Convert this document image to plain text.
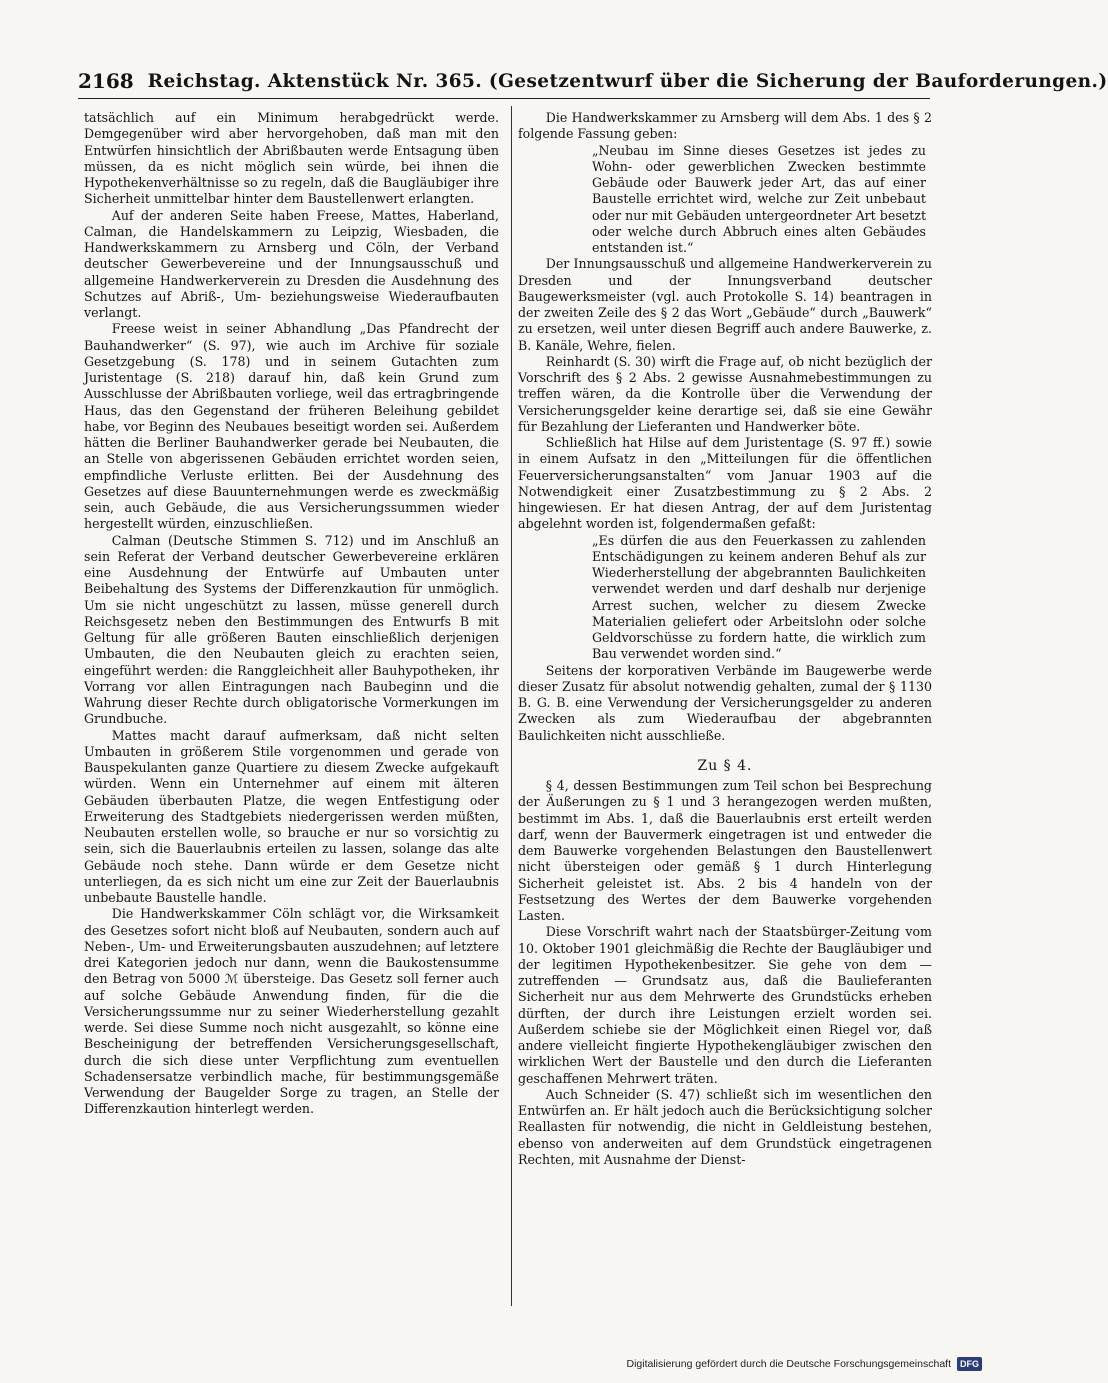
2168 Reichstag. Aktenstück Nr. 365. (Gesetzentwurf über die Sicherung der Bauforderungen.)

tatsächlich auf ein Minimum herabgedrückt werde. Demgegenüber wird aber hervorgehoben, daß man mit den Entwürfen hinsichtlich der Abrißbauten werde Entsagung üben müssen, da es nicht möglich sein würde, bei ihnen die Hypothekenverhältnisse so zu regeln, daß die Baugläubiger ihre Sicherheit unmittelbar hinter dem Baustellenwert erlangten.

Auf der anderen Seite haben Freese, Mattes, Haberland, Calman, die Handelskammern zu Leipzig, Wiesbaden, die Handwerkskammern zu Arnsberg und Cöln, der Verband deutscher Gewerbevereine und der Innungsausschuß und allgemeine Handwerkerverein zu Dresden die Ausdehnung des Schutzes auf Abriß-, Um- beziehungsweise Wiederaufbauten verlangt.

Freese weist in seiner Abhandlung „Das Pfandrecht der Bauhandwerker“ (S. 97), wie auch im Archive für soziale Gesetzgebung (S. 178) und in seinem Gutachten zum Juristentage (S. 218) darauf hin, daß kein Grund zum Ausschlusse der Abrißbauten vorliege, weil das ertragbringende Haus, das den Gegenstand der früheren Beleihung gebildet habe, vor Beginn des Neubaues beseitigt worden sei. Außerdem hätten die Berliner Bauhandwerker gerade bei Neubauten, die an Stelle von abgerissenen Gebäuden errichtet worden seien, empfindliche Verluste erlitten. Bei der Ausdehnung des Gesetzes auf diese Bauunternehmungen werde es zweckmäßig sein, auch Gebäude, die aus Versicherungssummen wieder hergestellt würden, einzuschließen.

Calman (Deutsche Stimmen S. 712) und im Anschluß an sein Referat der Verband deutscher Gewerbevereine erklären eine Ausdehnung der Entwürfe auf Umbauten unter Beibehaltung des Systems der Differenzkaution für unmöglich. Um sie nicht ungeschützt zu lassen, müsse generell durch Reichsgesetz neben den Bestimmungen des Entwurfs B mit Geltung für alle größeren Bauten einschließlich derjenigen Umbauten, die den Neubauten gleich zu erachten seien, eingeführt werden: die Ranggleichheit aller Bauhypotheken, ihr Vorrang vor allen Eintragungen nach Baubeginn und die Wahrung dieser Rechte durch obligatorische Vormerkungen im Grundbuche.

Mattes macht darauf aufmerksam, daß nicht selten Umbauten in größerem Stile vorgenommen und gerade von Bauspekulanten ganze Quartiere zu diesem Zwecke aufgekauft würden. Wenn ein Unternehmer auf einem mit älteren Gebäuden überbauten Platze, die wegen Entfestigung oder Erweiterung des Stadtgebiets niedergerissen werden müßten, Neubauten erstellen wolle, so brauche er nur so vorsichtig zu sein, sich die Bauerlaubnis erteilen zu lassen, solange das alte Gebäude noch stehe. Dann würde er dem Gesetze nicht unterliegen, da es sich nicht um eine zur Zeit der Bauerlaubnis unbebaute Baustelle handle.

Die Handwerkskammer Cöln schlägt vor, die Wirksamkeit des Gesetzes sofort nicht bloß auf Neubauten, sondern auch auf Neben-, Um- und Erweiterungsbauten auszudehnen; auf letztere drei Kategorien jedoch nur dann, wenn die Baukostensumme den Betrag von 5000 ℳ übersteige. Das Gesetz soll ferner auch auf solche Gebäude Anwendung finden, für die die Versicherungssumme nur zu seiner Wiederherstellung gezahlt werde. Sei diese Summe noch nicht ausgezahlt, so könne eine Bescheinigung der betreffenden Versicherungsgesellschaft, durch die sich diese unter Verpflichtung zum eventuellen Schadensersatze verbindlich mache, für bestimmungsgemäße Verwendung der Baugelder Sorge zu tragen, an Stelle der Differenzkaution hinterlegt werden.

Die Handwerkskammer zu Arnsberg will dem Abs. 1 des § 2 folgende Fassung geben:

„Neubau im Sinne dieses Gesetzes ist jedes zu Wohn- oder gewerblichen Zwecken bestimmte Gebäude oder Bauwerk jeder Art, das auf einer Baustelle errichtet wird, welche zur Zeit unbebaut oder nur mit Gebäuden untergeordneter Art besetzt oder welche durch Abbruch eines alten Gebäudes entstanden ist.“

Der Innungsausschuß und allgemeine Handwerkerverein zu Dresden und der Innungsverband deutscher Baugewerksmeister (vgl. auch Protokolle S. 14) beantragen in der zweiten Zeile des § 2 das Wort „Gebäude“ durch „Bauwerk“ zu ersetzen, weil unter diesen Begriff auch andere Bauwerke, z. B. Kanäle, Wehre, fielen.

Reinhardt (S. 30) wirft die Frage auf, ob nicht bezüglich der Vorschrift des § 2 Abs. 2 gewisse Ausnahmebestimmungen zu treffen wären, da die Kontrolle über die Verwendung der Versicherungsgelder keine derartige sei, daß sie eine Gewähr für Bezahlung der Lieferanten und Handwerker böte.

Schließlich hat Hilse auf dem Juristentage (S. 97 ff.) sowie in einem Aufsatz in den „Mitteilungen für die öffentlichen Feuerversicherungsanstalten“ vom Januar 1903 auf die Notwendigkeit einer Zusatzbestimmung zu § 2 Abs. 2 hingewiesen. Er hat diesen Antrag, der auf dem Juristentag abgelehnt worden ist, folgendermaßen gefaßt:

„Es dürfen die aus den Feuerkassen zu zahlenden Entschädigungen zu keinem anderen Behuf als zur Wiederherstellung der abgebrannten Baulichkeiten verwendet werden und darf deshalb nur derjenige Arrest suchen, welcher zu diesem Zwecke Materialien geliefert oder Arbeitslohn oder solche Geldvorschüsse zu fordern hatte, die wirklich zum Bau verwendet worden sind.“

Seitens der korporativen Verbände im Baugewerbe werde dieser Zusatz für absolut notwendig gehalten, zumal der § 1130 B. G. B. eine Verwendung der Versicherungsgelder zu anderen Zwecken als zum Wiederaufbau der abgebrannten Baulichkeiten nicht ausschließe.

Zu § 4.

§ 4, dessen Bestimmungen zum Teil schon bei Besprechung der Äußerungen zu § 1 und 3 herangezogen werden mußten, bestimmt im Abs. 1, daß die Bauerlaubnis erst erteilt werden darf, wenn der Bauvermerk eingetragen ist und entweder die dem Bauwerke vorgehenden Belastungen den Baustellenwert nicht übersteigen oder gemäß § 1 durch Hinterlegung Sicherheit geleistet ist. Abs. 2 bis 4 handeln von der Festsetzung des Wertes der dem Bauwerke vorgehenden Lasten.

Diese Vorschrift wahrt nach der Staatsbürger-Zeitung vom 10. Oktober 1901 gleichmäßig die Rechte der Baugläubiger und der legitimen Hypothekenbesitzer. Sie gehe von dem — zutreffenden — Grundsatz aus, daß die Baulieferanten Sicherheit nur aus dem Mehrwerte des Grundstücks erheben dürften, der durch ihre Leistungen erzielt worden sei. Außerdem schiebe sie der Möglichkeit einen Riegel vor, daß andere vielleicht fingierte Hypothekengläubiger zwischen den wirklichen Wert der Baustelle und den durch die Lieferanten geschaffenen Mehrwert träten.

Auch Schneider (S. 47) schließt sich im wesentlichen den Entwürfen an. Er hält jedoch auch die Berücksichtigung solcher Reallasten für notwendig, die nicht in Geldleistung bestehen, ebenso von anderweiten auf dem Grundstück eingetragenen Rechten, mit Ausnahme der Dienst-

Digitalisierung gefördert durch die Deutsche Forschungsgemeinschaft	DFG
